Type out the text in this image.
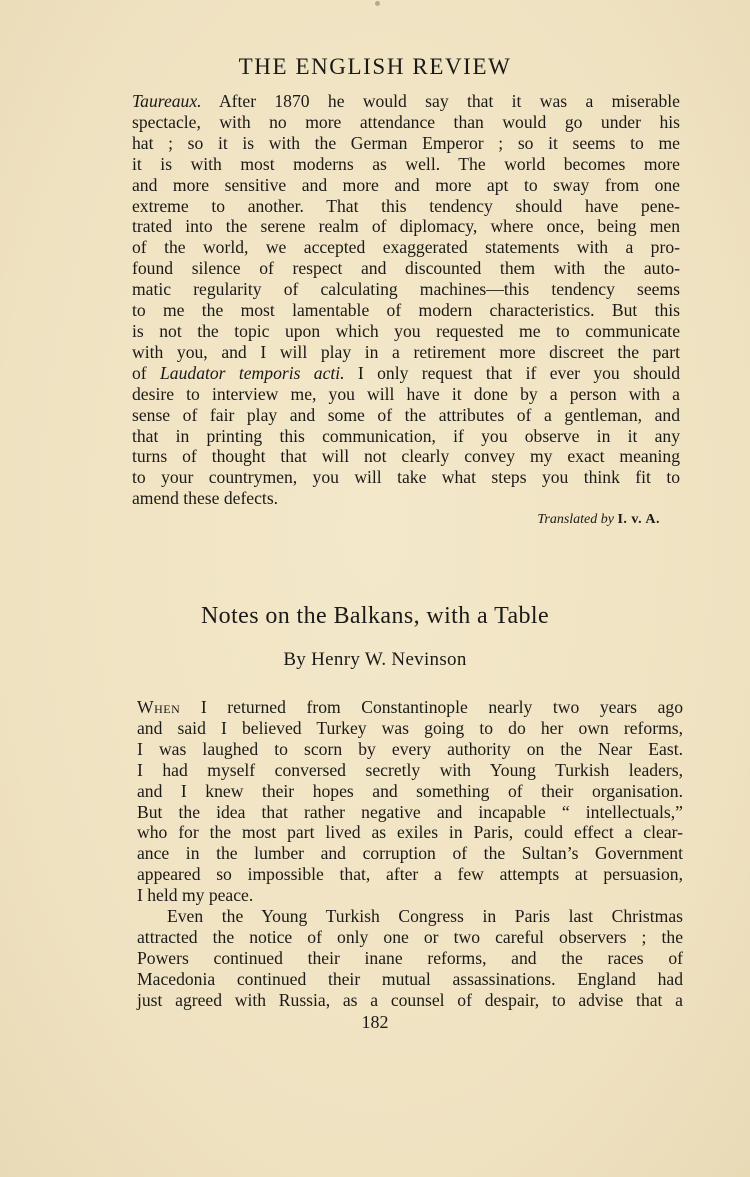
THE ENGLISH REVIEW
Taureaux. After 1870 he would say that it was a miserable
spectacle, with no more attendance than would go under his
hat ; so it is with the German Emperor ; so it seems to me
it is with most moderns as well. The world becomes more
and more sensitive and more and more apt to sway from one
extreme to another. That this tendency should have pene-
trated into the serene realm of diplomacy, where once, being men
of the world, we accepted exaggerated statements with a pro-
found silence of respect and discounted them with the auto-
matic regularity of calculating machines—this tendency seems
to me the most lamentable of modern characteristics. But this
is not the topic upon which you requested me to communicate
with you, and I will play in a retirement more discreet the part
of Laudator temporis acti. I only request that if ever you should
desire to interview me, you will have it done by a person with a
sense of fair play and some of the attributes of a gentleman, and
that in printing this communication, if you observe in it any
turns of thought that will not clearly convey my exact meaning
to your countrymen, you will take what steps you think fit to
amend these defects.
Translated by I. v. A.
Notes on the Balkans, with a Table
By Henry W. Nevinson
When I returned from Constantinople nearly two years ago
and said I believed Turkey was going to do her own reforms,
I was laughed to scorn by every authority on the Near East.
I had myself conversed secretly with Young Turkish leaders,
and I knew their hopes and something of their organisation.
But the idea that rather negative and incapable “ intellectuals,”
who for the most part lived as exiles in Paris, could effect a clear-
ance in the lumber and corruption of the Sultan’s Government
appeared so impossible that, after a few attempts at persuasion,
I held my peace.
Even the Young Turkish Congress in Paris last Christmas
attracted the notice of only one or two careful observers ; the
Powers continued their inane reforms, and the races of
Macedonia continued their mutual assassinations. England had
just agreed with Russia, as a counsel of despair, to advise that a
182
